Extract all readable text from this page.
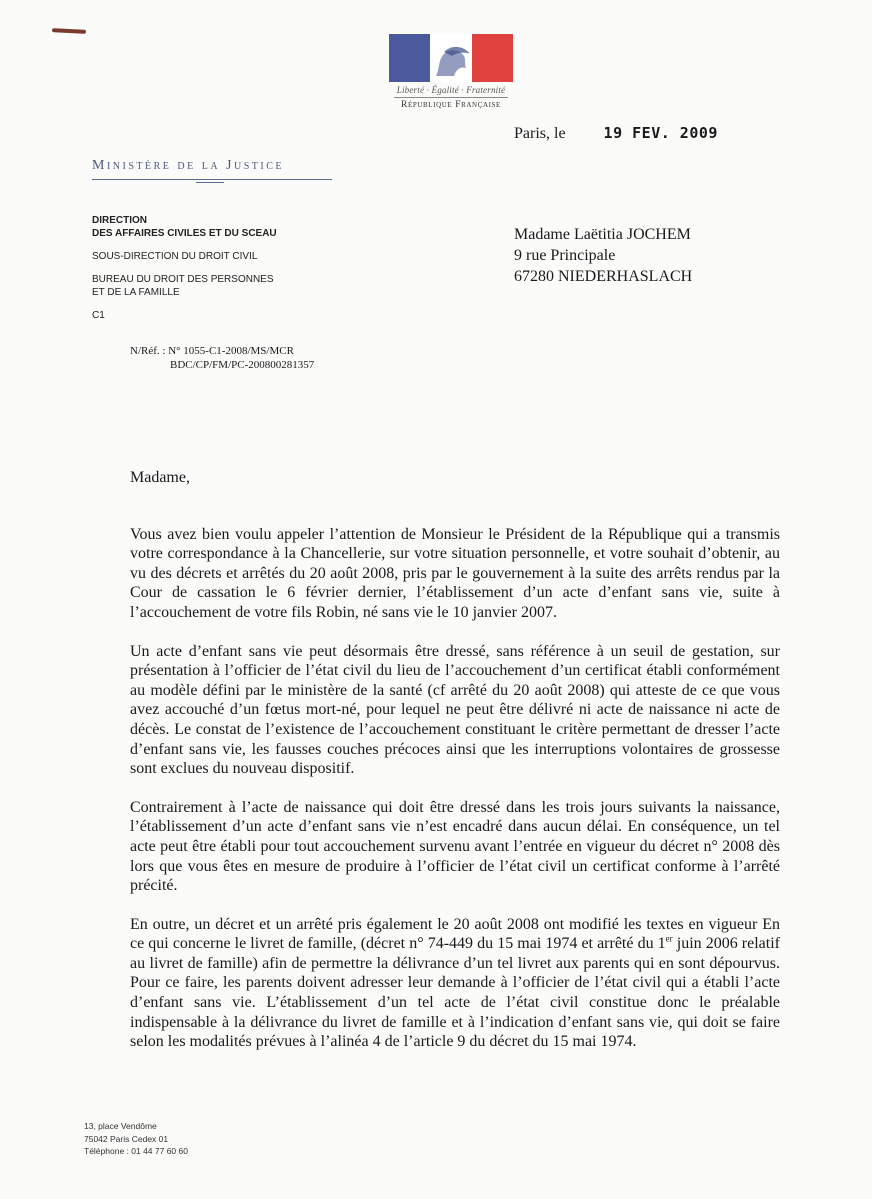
Liberté · Égalité · Fraternité
République Française
Paris, le	19 FEV. 2009
Ministère de la Justice
DIRECTION
DES AFFAIRES CIVILES ET DU SCEAU
SOUS-DIRECTION DU DROIT CIVIL
BUREAU DU DROIT DES PERSONNES
ET DE LA FAMILLE
C1
Madame Laëtitia JOCHEM
9 rue Principale
67280 NIEDERHASLACH
N/Réf. : N° 1055-C1-2008/MS/MCR
BDC/CP/FM/PC-200800281357
Madame,

Vous avez bien voulu appeler l’attention de Monsieur le Président de la République qui a transmis votre correspondance à la Chancellerie, sur votre situation personnelle, et votre souhait d’obtenir, au vu des décrets et arrêtés du 20 août 2008, pris par le gouvernement à la suite des arrêts rendus par la Cour de cassation le 6 février dernier, l’établissement d’un acte d’enfant sans vie, suite à l’accouchement de votre fils Robin, né sans vie le 10 janvier 2007.

Un acte d’enfant sans vie peut désormais être dressé, sans référence à un seuil de gestation, sur présentation à l’officier de l’état civil du lieu de l’accouchement d’un certificat établi conformément au modèle défini par le ministère de la santé (cf arrêté du 20 août 2008) qui atteste de ce que vous avez accouché d’un fœtus mort-né, pour lequel ne peut être délivré ni acte de naissance ni acte de décès. Le constat de l’existence de l’accouchement constituant le critère permettant de dresser l’acte d’enfant sans vie, les fausses couches précoces ainsi que les interruptions volontaires de grossesse sont exclues du nouveau dispositif.

Contrairement à l’acte de naissance qui doit être dressé dans les trois jours suivants la naissance, l’établissement d’un acte d’enfant sans vie n’est encadré dans aucun délai. En conséquence, un tel acte peut être établi pour tout accouchement survenu avant l’entrée en vigueur du décret n° 2008 dès lors que vous êtes en mesure de produire à l’officier de l’état civil un certificat conforme à l’arrêté précité.

En outre, un décret et un arrêté pris également le 20 août 2008 ont modifié les textes en vigueur En ce qui concerne le livret de famille, (décret n° 74-449 du 15 mai 1974 et arrêté du 1er juin 2006 relatif au livret de famille) afin de permettre la délivrance d’un tel livret aux parents qui en sont dépourvus. Pour ce faire, les parents doivent adresser leur demande à l’officier de l’état civil qui a établi l’acte d’enfant sans vie. L’établissement d’un tel acte de l’état civil constitue donc le préalable indispensable à la délivrance du livret de famille et à l’indication d’enfant sans vie, qui doit se faire selon les modalités prévues à l’alinéa 4 de l’article 9 du décret du 15 mai 1974.

13, place Vendôme
75042 Paris Cedex 01
Téléphone : 01 44 77 60 60
